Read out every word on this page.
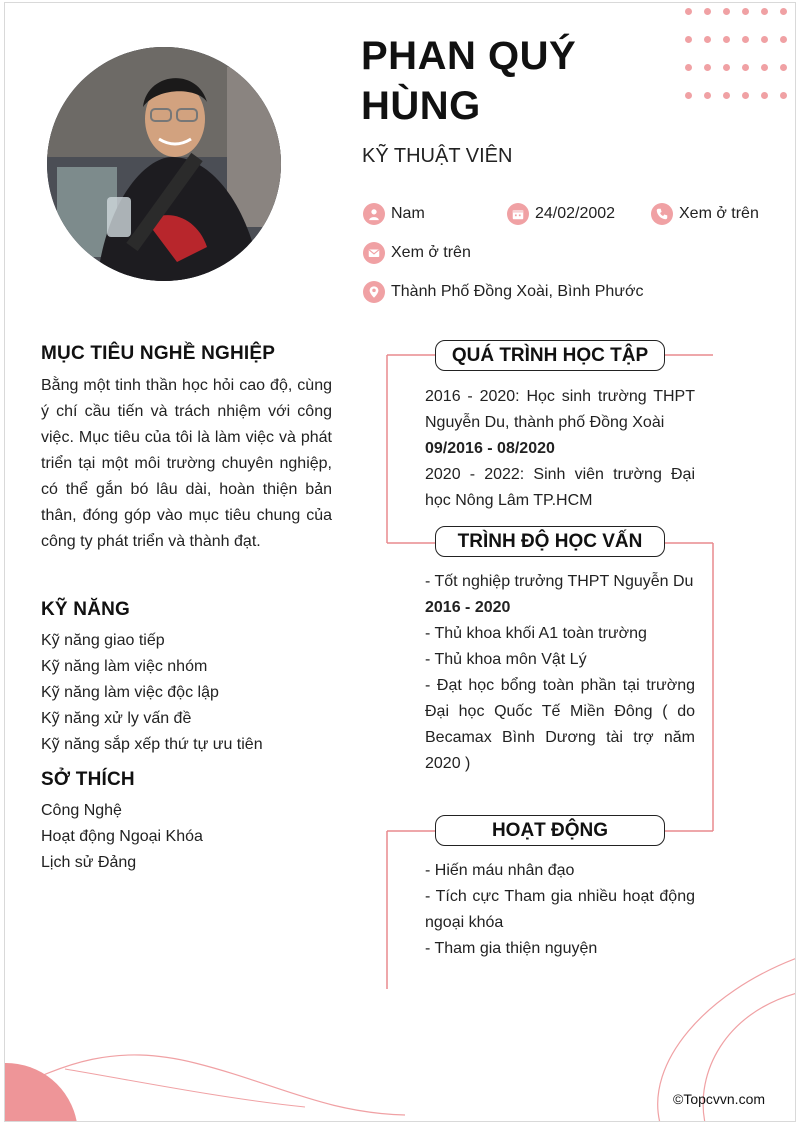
PHAN QUÝ
HÙNG
KỸ THUẬT VIÊN
Nam	24/02/2002	Xem ở trên
Xem ở trên
Thành Phố Đồng Xoài, Bình Phước
MỤC TIÊU NGHỀ NGHIỆP
Bằng một tinh thần học hỏi cao độ, cùng ý chí cầu tiến và trách nhiệm với công việc. Mục tiêu của tôi là làm việc và phát triển tại một môi trường chuyên nghiệp, có thể gắn bó lâu dài, hoàn thiện bản thân, đóng góp vào mục tiêu chung của công ty phát triển và thành đạt.
KỸ NĂNG
Kỹ năng giao tiếp
Kỹ năng làm việc nhóm
Kỹ năng làm việc độc lập
Kỹ năng xử ly vấn đề
Kỹ năng sắp xếp thứ tự ưu tiên
SỞ THÍCH
Công Nghệ
Hoạt động Ngoại Khóa
Lịch sử Đảng
QUÁ TRÌNH HỌC TẬP
2016 - 2020: Học sinh trường THPT Nguyễn Du, thành phố Đồng Xoài
09/2016 - 08/2020
2020 - 2022: Sinh viên trường Đại học Nông Lâm TP.HCM
TRÌNH ĐỘ HỌC VẤN
- Tốt nghiệp trưởng THPT Nguyễn Du
2016 - 2020
- Thủ khoa khối A1 toàn trường
- Thủ khoa môn Vật Lý
- Đạt học bổng toàn phần tại trường Đại học Quốc Tế Miền Đông ( do Becamax Bình Dương tài trợ năm 2020 )
HOẠT ĐỘNG
- Hiến máu nhân đạo
- Tích cực Tham gia nhiều hoạt động ngoại khóa
- Tham gia thiện nguyện
©Topcvvn.com
